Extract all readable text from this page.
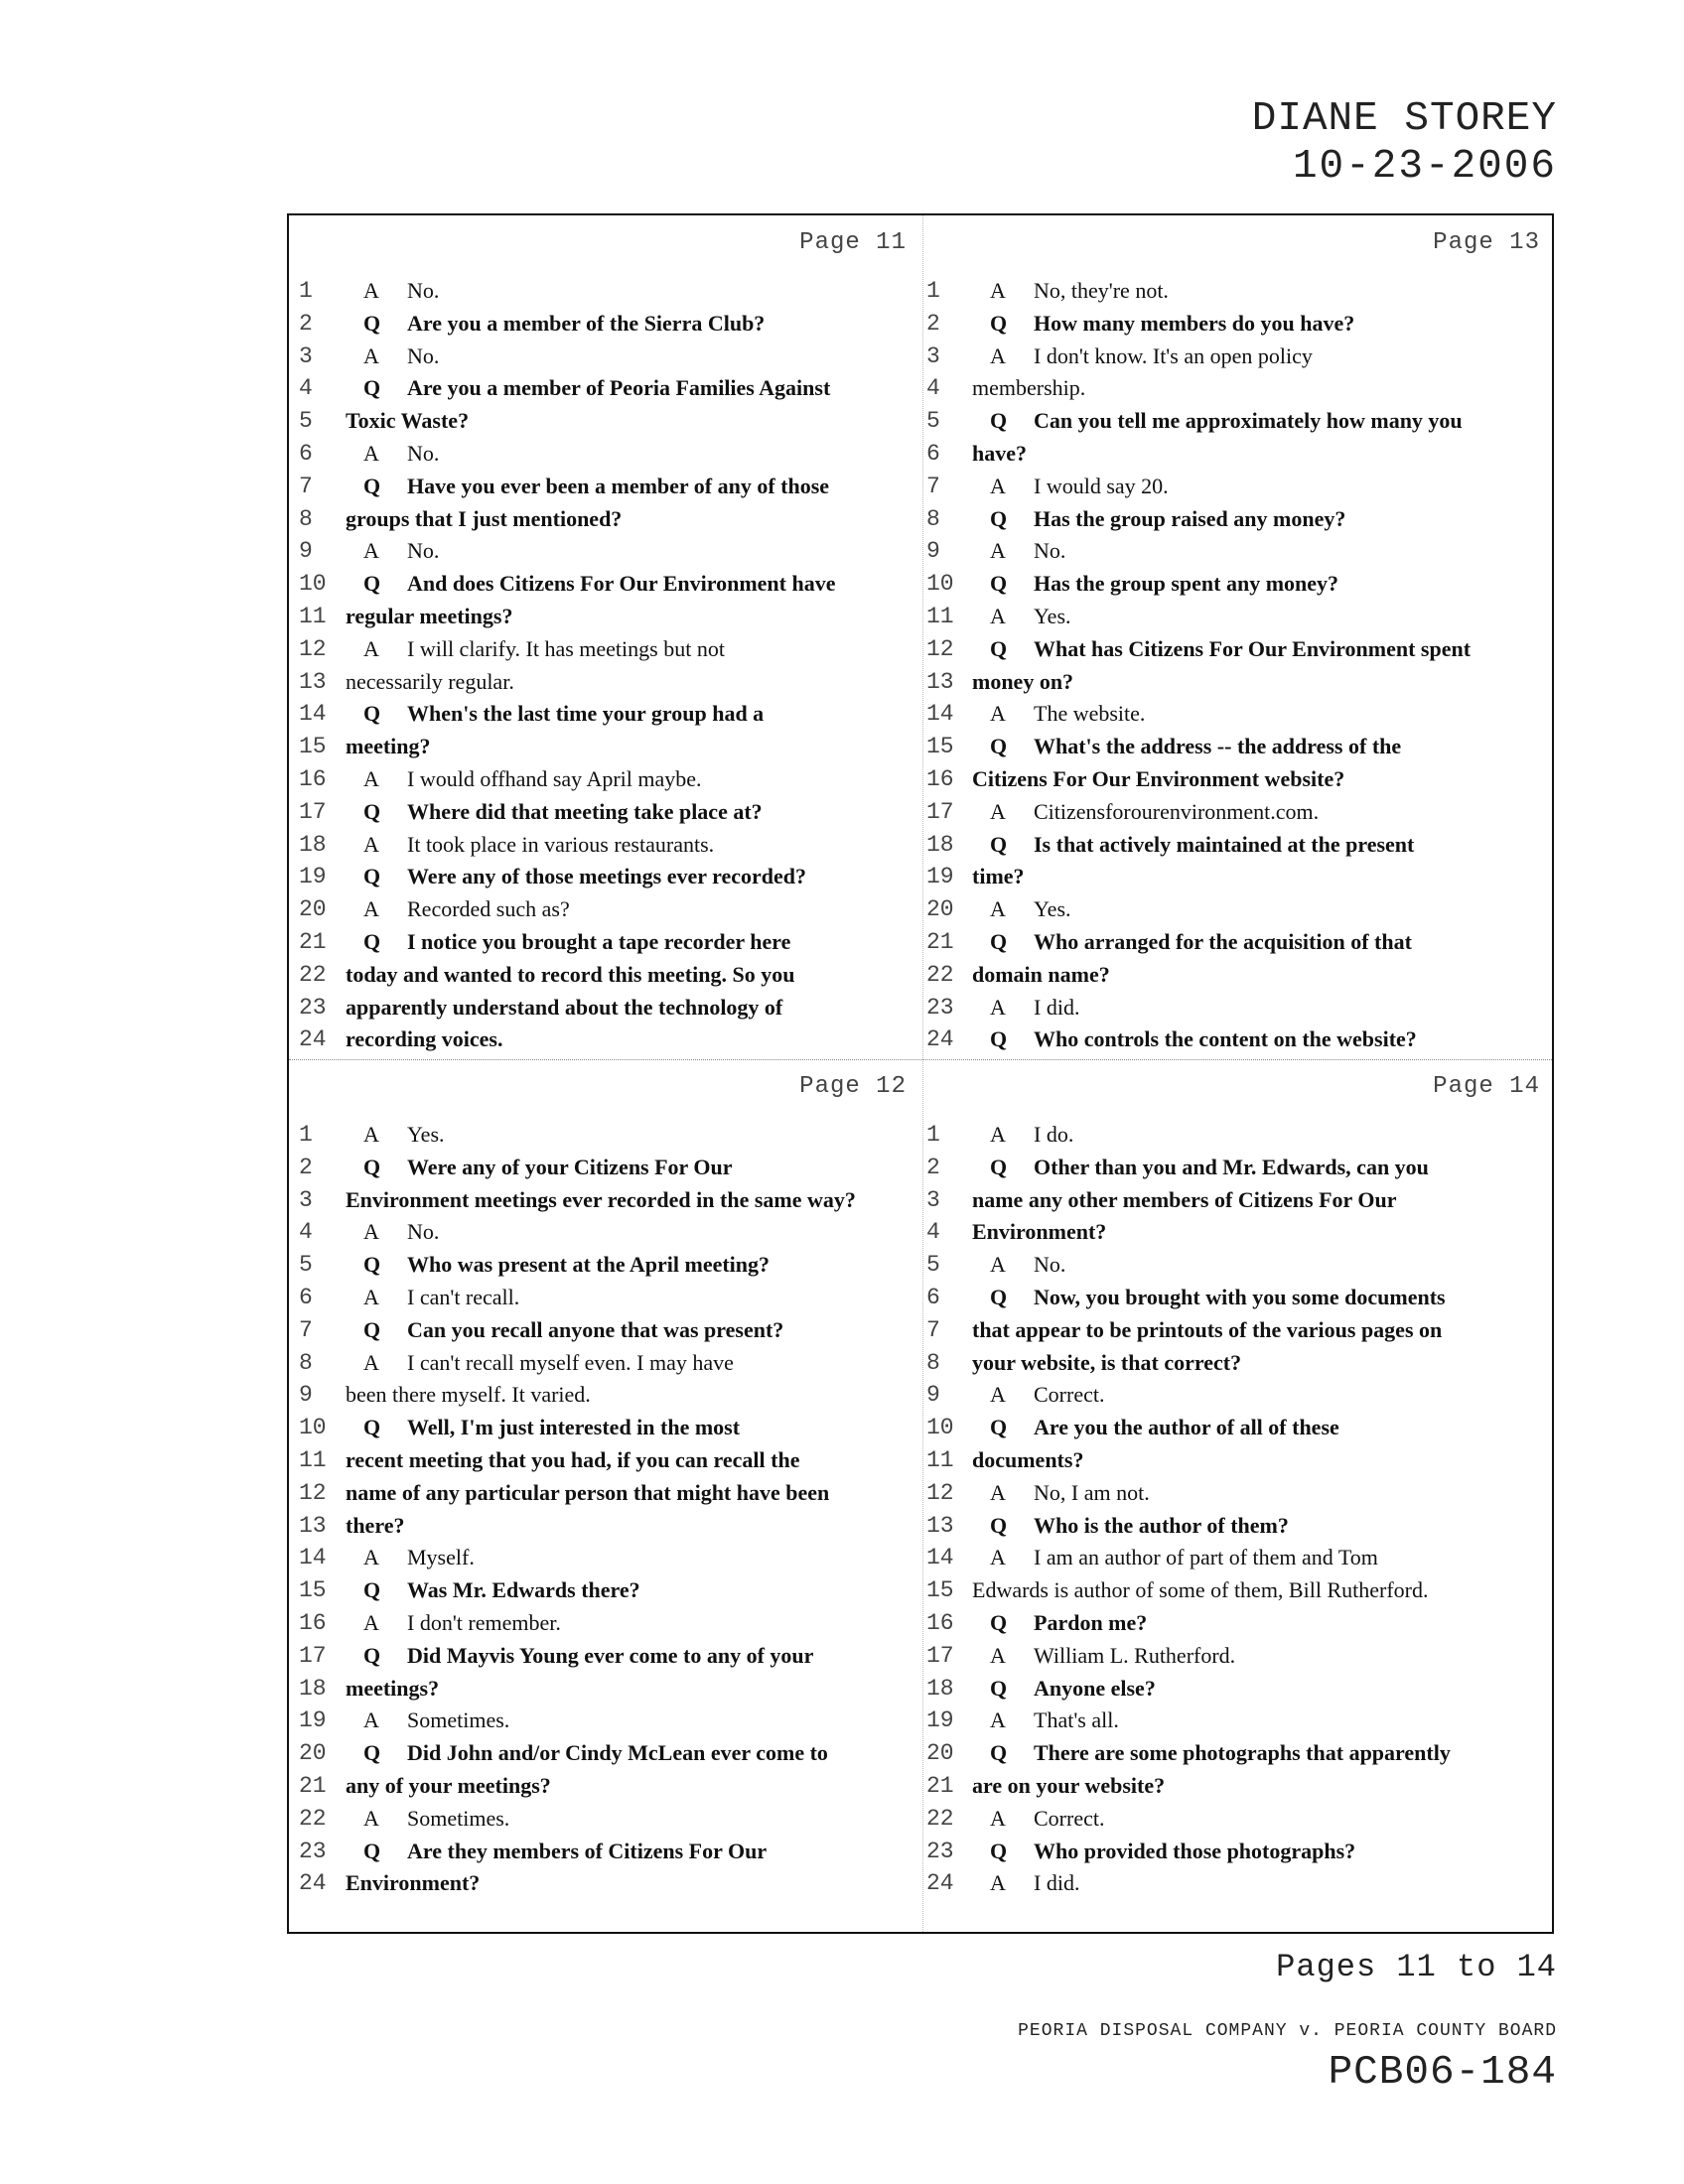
DIANE STOREY
10-23-2006
Page 11
1	A No.
2	Q Are you a member of the Sierra Club?
3	A No.
4	Q Are you a member of Peoria Families Against
5	Toxic Waste?
6	A No.
7	Q Have you ever been a member of any of those
8	groups that I just mentioned?
9	A No.
10	Q And does Citizens For Our Environment have
11 regular meetings?
12	A I will clarify. It has meetings but not
13 necessarily regular.
14	Q When's the last time your group had a
15 meeting?
16	A I would offhand say April maybe.
17	Q Where did that meeting take place at?
18	A It took place in various restaurants.
19	Q Were any of those meetings ever recorded?
20	A Recorded such as?
21	Q I notice you brought a tape recorder here
22 today and wanted to record this meeting. So you
23 apparently understand about the technology of
24 recording voices.
Page 13
1	A No, they're not.
2	Q How many members do you have?
3	A I don't know. It's an open policy
4	membership.
5	Q Can you tell me approximately how many you
6	have?
7	A I would say 20.
8	Q Has the group raised any money?
9	A No.
10	Q Has the group spent any money?
11	A Yes.
12	Q What has Citizens For Our Environment spent
13 money on?
14	A The website.
15	Q What's the address -- the address of the
16 Citizens For Our Environment website?
17	A Citizensforourenvironment.com.
18	Q Is that actively maintained at the present
19 time?
20	A Yes.
21	Q Who arranged for the acquisition of that
22 domain name?
23	A I did.
24	Q Who controls the content on the website?
Page 12
1	A Yes.
2	Q Were any of your Citizens For Our
3	Environment meetings ever recorded in the same way?
4	A No.
5	Q Who was present at the April meeting?
6	A I can't recall.
7	Q Can you recall anyone that was present?
8	A I can't recall myself even. I may have
9	been there myself. It varied.
10	Q Well, I'm just interested in the most
11 recent meeting that you had, if you can recall the
12 name of any particular person that might have been
13 there?
14	A Myself.
15	Q Was Mr. Edwards there?
16	A I don't remember.
17	Q Did Mayvis Young ever come to any of your
18 meetings?
19	A Sometimes.
20	Q Did John and/or Cindy McLean ever come to
21 any of your meetings?
22	A Sometimes.
23	Q Are they members of Citizens For Our
24 Environment?
Page 14
1	A I do.
2	Q Other than you and Mr. Edwards, can you
3	name any other members of Citizens For Our
4	Environment?
5	A No.
6	Q Now, you brought with you some documents
7	that appear to be printouts of the various pages on
8	your website, is that correct?
9	A Correct.
10	Q Are you the author of all of these
11 documents?
12	A No, I am not.
13	Q Who is the author of them?
14	A I am an author of part of them and Tom
15 Edwards is author of some of them, Bill Rutherford.
16	Q Pardon me?
17	A William L. Rutherford.
18	Q Anyone else?
19	A That's all.
20	Q There are some photographs that apparently
21 are on your website?
22	A Correct.
23	Q Who provided those photographs?
24	A I did.
Pages 11 to 14
PEORIA DISPOSAL COMPANY v. PEORIA COUNTY BOARD
PCB06-184
